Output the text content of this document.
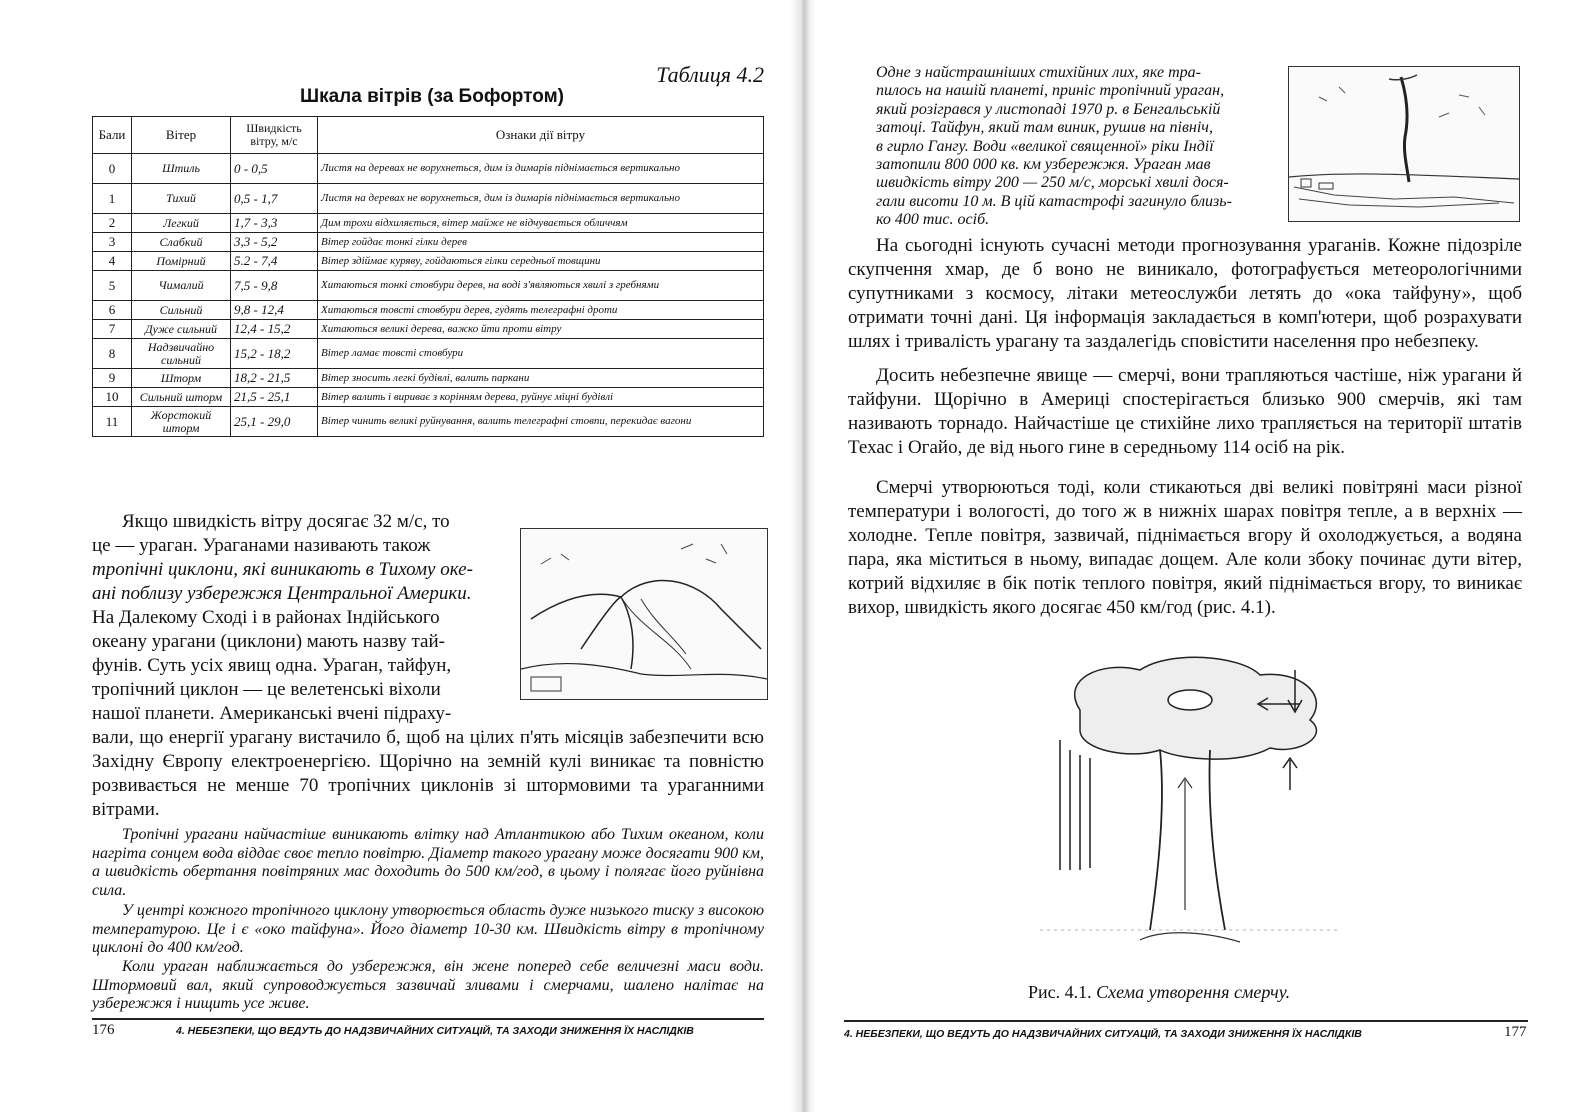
Таблиця 4.2
Шкала вітрів (за Бофортом)
Бали	Вітер	Швидкість вітру, м/с	Ознаки дії вітру
0	Штиль	0 - 0,5	Листя на деревах не ворухнеться, дим із димарів піднімається вертикально
1	Тихий	0,5 - 1,7	Листя на деревах не ворухнеться, дим із димарів піднімається вертикально
2	Легкий	1,7 - 3,3	Дим трохи відхиляється, вітер майже не відчувається обличчям
3	Слабкий	3,3 - 5,2	Вітер гойдає тонкі гілки дерев
4	Помірний	5.2 - 7,4	Вітер здіймає куряву, гойдаються гілки середньої товщини
5	Чималий	7,5 - 9,8	Хитаються тонкі стовбури дерев, на воді з'являються хвилі з гребнями
6	Сильний	9,8 - 12,4	Хитаються товсті стовбури дерев, гудять телеграфні дроти
7	Дуже сильний	12,4 - 15,2	Хитаються великі дерева, важко йти проти вітру
8	Надзвичайно сильний	15,2 - 18,2	Вітер ламає товсті стовбури
9	Шторм	18,2 - 21,5	Вітер зносить легкі будівлі, валить паркани
10	Сильний шторм	21,5 - 25,1	Вітер валить і вириває з корінням дерева, руйнує міцні будівлі
11	Жорстокий шторм	25,1 - 29,0	Вітер чинить великі руйнування, валить телеграфні стовпи, перекидає вагони
Якщо швидкість вітру досягає 32 м/с, то
це — ураган. Ураганами називають також
тропічні циклони, які виникають в Тихому оке-
ані поблизу узбережжя Центральної Америки.
На Далекому Сході і в районах Індійського
океану урагани (циклони) мають назву тай-
фунів. Суть усіх явищ одна. Ураган, тайфун,
тропічний циклон — це велетенські віхоли
нашої планети. Американські вчені підраху-
вали, що енергії урагану вистачило б, щоб на цілих п'ять місяців забезпечити всю Західну Європу електроенергією. Щорічно на земній кулі виникає та повністю розвивається не менше 70 тропічних циклонів зі штормовими та ураганними вітрами.
Тропічні урагани найчастіше виникають влітку над Атлантикою або Тихим океаном, коли нагріта сонцем вода віддає своє тепло повітрю. Діаметр такого урагану може досягати 900 км, а швидкість обертання повітряних мас доходить до 500 км/год, в цьому і полягає його руйнівна сила.
У центрі кожного тропічного циклону утворюється область дуже низького тиску з високою температурою. Це і є «око тайфуна». Його діаметр 10-30 км. Швидкість вітру в тропічному циклоні до 400 км/год.
Коли ураган наближається до узбережжя, він жене поперед себе величезні маси води. Штормовий вал, який супроводжується зазвичай зливами і смерчами, шалено налітає на узбережжя і нищить усе живе.
176	4. НЕБЕЗПЕКИ, ЩО ВЕДУТЬ ДО НАДЗВИЧАЙНИХ СИТУАЦІЙ, ТА ЗАХОДИ ЗНИЖЕННЯ ЇХ НАСЛІДКІВ
Одне з найстрашніших стихійних лих, яке тра-
пилось на нашій планеті, приніс тропічний ураган,
який розігрався у листопаді 1970 р. в Бенгальській
затоці. Тайфун, який там виник, рушив на північ,
в гирло Гангу. Води «великої священної» ріки Індії
затопили 800 000 кв. км узбережжя. Ураган мав
швидкість вітру 200 — 250 м/с, морські хвилі дося-
гали висоти 10 м. В цій катастрофі загинуло близь-
ко 400 тис. осіб.
На сьогодні існують сучасні методи прогнозування ураганів. Кожне підозріле скупчення хмар, де б воно не виникало, фотографується метеорологічними супутниками з космосу, літаки метеослужби летять до «ока тайфуну», щоб отримати точні дані. Ця інформація закладається в комп'ютери, щоб розрахувати шлях і тривалість урагану та заздалегідь сповістити населення про небезпеку.
Досить небезпечне явище — смерчі, вони трапляються частіше, ніж урагани й тайфуни. Щорічно в Америці спостерігається близько 900 смерчів, які там називають торнадо. Найчастіше це стихійне лихо трапляється на території штатів Техас і Огайо, де від нього гине в середньому 114 осіб на рік.
Смерчі утворюються тоді, коли стикаються дві великі повітряні маси різної температури і вологості, до того ж в нижніх шарах повітря тепле, а в верхніх — холодне. Тепле повітря, зазвичай, піднімається вгору й охолоджується, а водяна пара, яка міститься в ньому, випадає дощем. Але коли збоку починає дути вітер, котрий відхиляє в бік потік теплого повітря, який піднімається вгору, то виникає вихор, швидкість якого досягає 450 км/год (рис. 4.1).
Рис. 4.1. Схема утворення смерчу.
4. НЕБЕЗПЕКИ, ЩО ВЕДУТЬ ДО НАДЗВИЧАЙНИХ СИТУАЦІЙ, ТА ЗАХОДИ ЗНИЖЕННЯ ЇХ НАСЛІДКІВ	177
